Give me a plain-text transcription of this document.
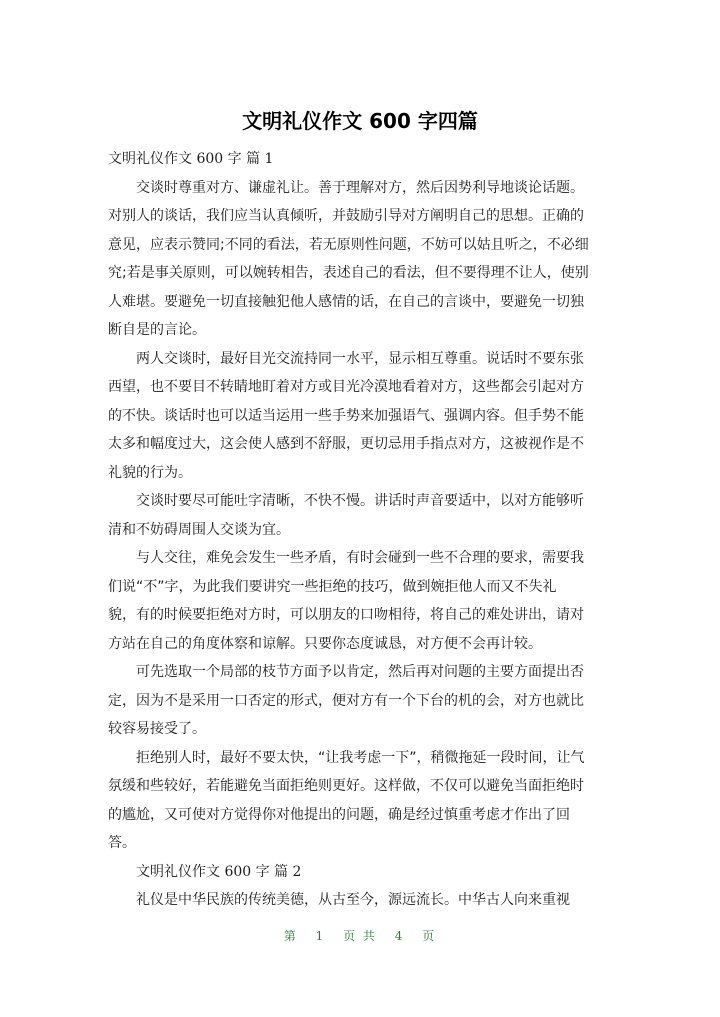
文明礼仪作文 600 字四篇
文明礼仪作文 600 字 篇 1
交谈时尊重对方、谦虚礼让。善于理解对方，然后因势利导地谈论话题。
对别人的谈话，我们应当认真倾听，并鼓励引导对方阐明自己的思想。正确的
意见，应表示赞同;不同的看法，若无原则性问题，不妨可以姑且听之，不必细
究;若是事关原则，可以婉转相告，表述自己的看法，但不要得理不让人，使别
人难堪。要避免一切直接触犯他人感情的话，在自己的言谈中，要避免一切独
断自是的言论。
两人交谈时，最好目光交流持同一水平，显示相互尊重。说话时不要东张
西望，也不要目不转睛地盯着对方或目光冷漠地看着对方，这些都会引起对方
的不快。谈话时也可以适当运用一些手势来加强语气、强调内容。但手势不能
太多和幅度过大，这会使人感到不舒服，更切忌用手指点对方，这被视作是不
礼貌的行为。
交谈时要尽可能吐字清晰，不快不慢。讲话时声音要适中，以对方能够听
清和不妨碍周围人交谈为宜。
与人交往，难免会发生一些矛盾，有时会碰到一些不合理的要求，需要我
们说“不”字，为此我们要讲究一些拒绝的技巧，做到婉拒他人而又不失礼
貌，有的时候要拒绝对方时，可以朋友的口吻相待，将自己的难处讲出，请对
方站在自己的角度体察和谅解。只要你态度诚恳，对方便不会再计较。
可先选取一个局部的枝节方面予以肯定，然后再对问题的主要方面提出否
定，因为不是采用一口否定的形式，便对方有一个下台的机的会，对方也就比
较容易接受了。
拒绝别人时，最好不要太快，“让我考虑一下”，稍微拖延一段时间，让气
氛缓和些较好，若能避免当面拒绝则更好。这样做，不仅可以避免当面拒绝时
的尴尬，又可使对方觉得你对他提出的问题，确是经过慎重考虑才作出了回
答。
文明礼仪作文 600 字 篇 2
礼仪是中华民族的传统美德，从古至今，源远流长。中华古人向来重视
第 1 页 共 4 页
